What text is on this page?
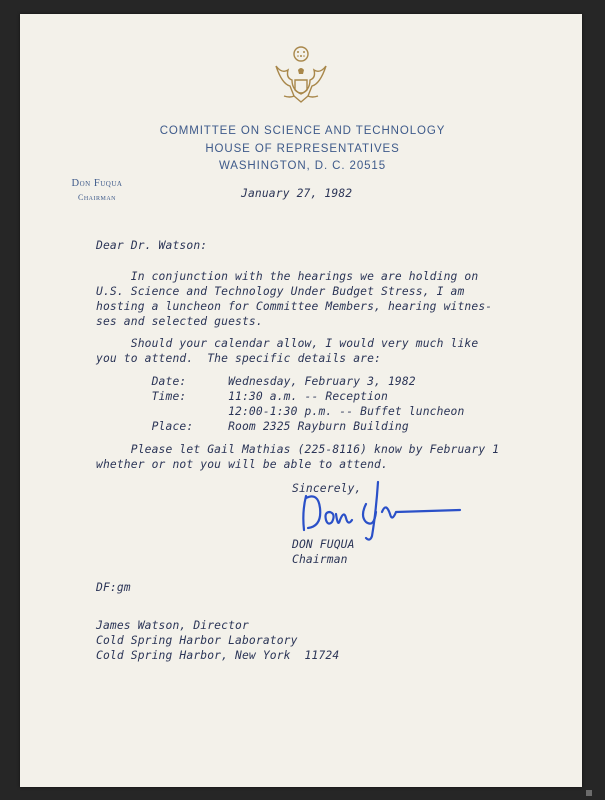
COMMITTEE ON SCIENCE AND TECHNOLOGY
HOUSE OF REPRESENTATIVES
WASHINGTON, D. C. 20515
Don Fuqua
Chairman	January 27, 1982
Dear Dr. Watson:
In conjunction with the hearings we are holding on
U.S. Science and Technology Under Budget Stress, I am
hosting a luncheon for Committee Members, hearing witnes-
ses and selected guests.
Should your calendar allow, I would very much like
you to attend.  The specific details are:
Date:      Wednesday, February 3, 1982
Time:      11:30 a.m. -- Reception
12:00-1:30 p.m. -- Buffet luncheon
Place:     Room 2325 Rayburn Building
Please let Gail Mathias (225-8116) know by February 1
whether or not you will be able to attend.
Sincerely,
DON FUQUA
Chairman
DF:gm
James Watson, Director
Cold Spring Harbor Laboratory
Cold Spring Harbor, New York  11724
